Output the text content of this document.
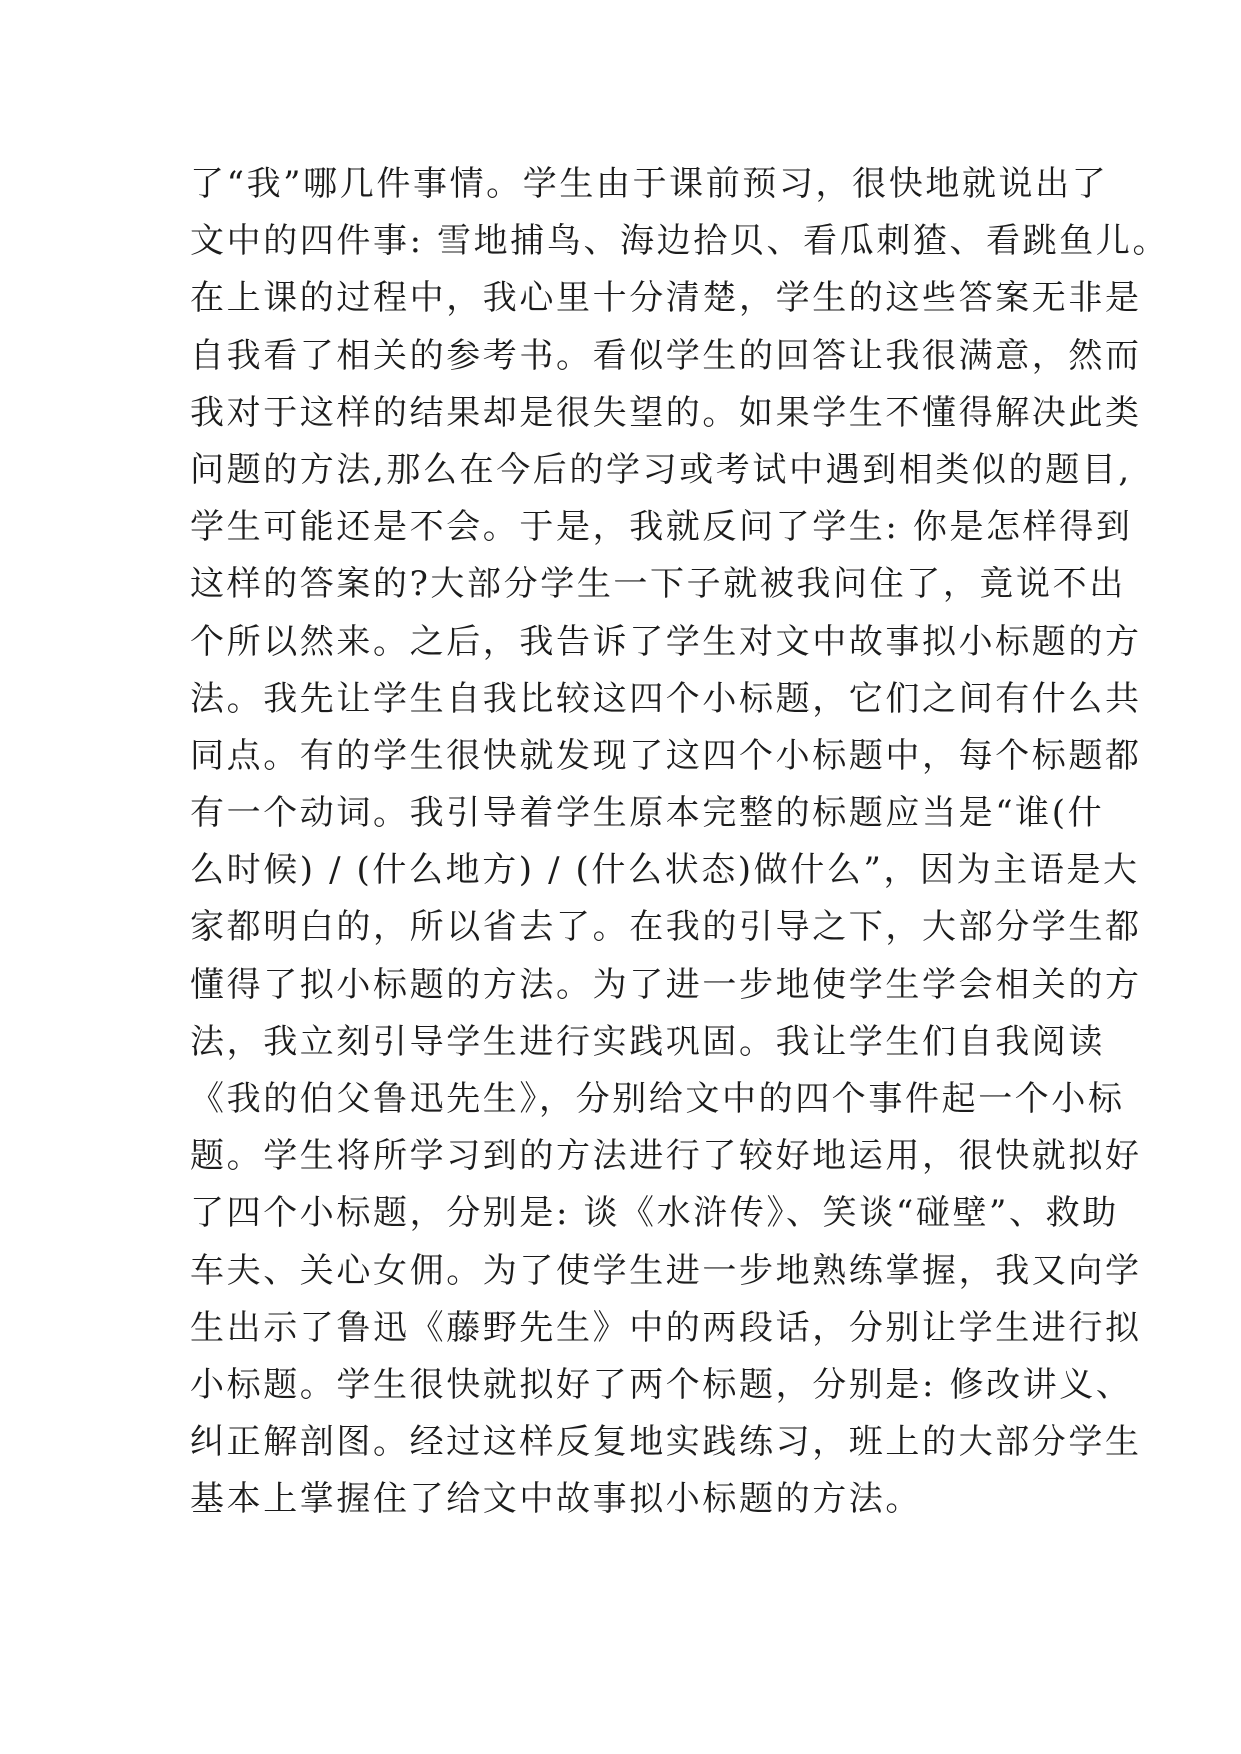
了“我”哪几件事情。学生由于课前预习，很快地就说出了
文中的四件事: 雪地捕鸟、海边拾贝、看瓜刺猹、看跳鱼儿。
在上课的过程中，我心里十分清楚，学生的这些答案无非是
自我看了相关的参考书。看似学生的回答让我很满意，然而
我对于这样的结果却是很失望的。如果学生不懂得解决此类
问题的方法,那么在今后的学习或考试中遇到相类似的题目,
学生可能还是不会。于是，我就反问了学生: 你是怎样得到
这样的答案的?大部分学生一下子就被我问住了，竟说不出
个所以然来。之后，我告诉了学生对文中故事拟小标题的方
法。我先让学生自我比较这四个小标题，它们之间有什么共
同点。有的学生很快就发现了这四个小标题中，每个标题都
有一个动词。我引导着学生原本完整的标题应当是“谁(什
么时候) / (什么地方) / (什么状态)做什么”，因为主语是大
家都明白的，所以省去了。在我的引导之下，大部分学生都
懂得了拟小标题的方法。为了进一步地使学生学会相关的方
法，我立刻引导学生进行实践巩固。我让学生们自我阅读
《我的伯父鲁迅先生》，分别给文中的四个事件起一个小标
题。学生将所学习到的方法进行了较好地运用，很快就拟好
了四个小标题，分别是: 谈《水浒传》、笑谈“碰壁”、救助
车夫、关心女佣。为了使学生进一步地熟练掌握，我又向学
生出示了鲁迅《藤野先生》中的两段话，分别让学生进行拟
小标题。学生很快就拟好了两个标题，分别是: 修改讲义、
纠正解剖图。经过这样反复地实践练习，班上的大部分学生
基本上掌握住了给文中故事拟小标题的方法。
